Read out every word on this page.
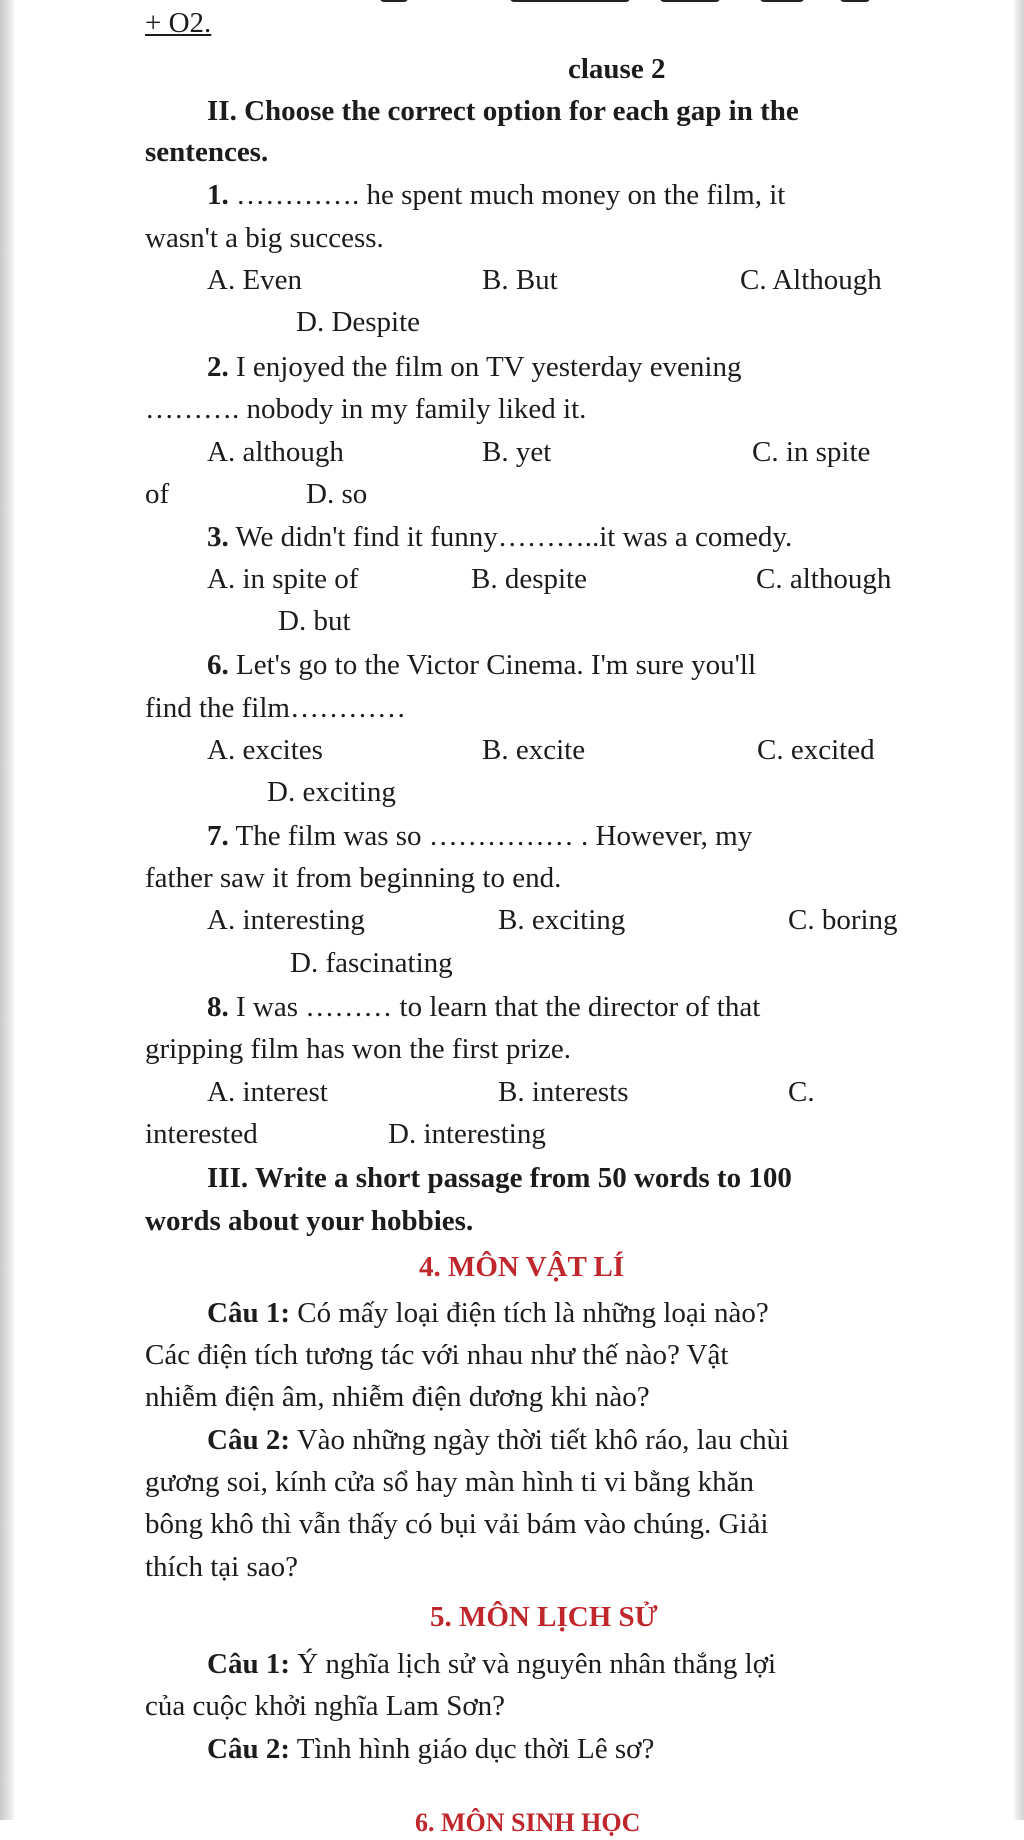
+ O2.
clause 2
II. Choose the correct option for each gap in the
sentences.
1. …………. he spent much money on the film, it
wasn't a big success.
A. Even	B. But	C. Although
D. Despite
2. I enjoyed the film on TV yesterday evening
………. nobody in my family liked it.
A. although	B. yet	C. in spite
of	D. so
3. We didn't find it funny………..it was a comedy.
A. in spite of	B. despite	C. although
D. but
6. Let's go to the Victor Cinema. I'm sure you'll
find the film…………
A. excites	B. excite	C. excited
D. exciting
7. The film was so …………… . However, my
father saw it from beginning to end.
A. interesting	B. exciting	C. boring
D. fascinating
8. I was ……… to learn that the director of that
gripping film has won the first prize.
A. interest	B. interests	C.
interested	D. interesting
III. Write a short passage from 50 words to 100
words about your hobbies.
4. MÔN VẬT LÍ
Câu 1: Có mấy loại điện tích là những loại nào?
Các điện tích tương tác với nhau như thế nào? Vật
nhiễm điện âm, nhiễm điện dương khi nào?
Câu 2: Vào những ngày thời tiết khô ráo, lau chùi
gương soi, kính cửa sổ hay màn hình ti vi bằng khăn
bông khô thì vẫn thấy có bụi vải bám vào chúng. Giải
thích tại sao?
5. MÔN LỊCH SỬ
Câu 1: Ý nghĩa lịch sử và nguyên nhân thắng lợi
của cuộc khởi nghĩa Lam Sơn?
Câu 2: Tình hình giáo dục thời Lê sơ?
6. MÔN SINH HỌC
